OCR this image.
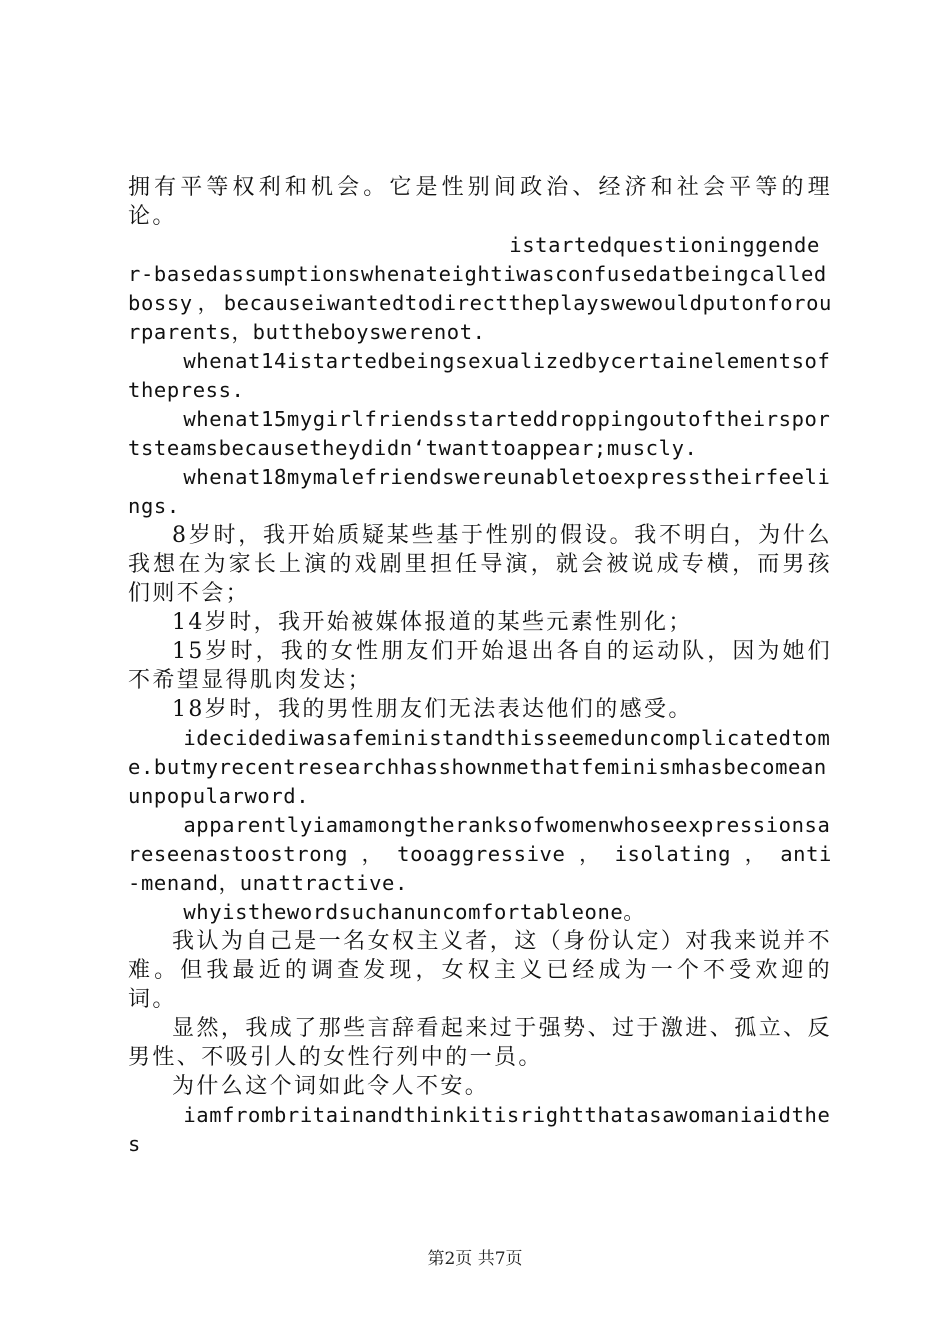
拥有平等权利和机会。它是性别间政治、经济和社会平等的理论。

istartedquestioninggender-basedassumptionswhenateightiwasconfusedatbeingcalledbossy，becauseiwantedtodirecttheplayswewouldputonforourparents，buttheboyswerenot.

whenat14istartedbeingsexualizedbycertainelementsofthepress.

whenat15mygirlfriendsstarteddroppingoutoftheirsportsteamsbecausetheydidn‘twanttoappear;muscly.

whenat18mymalefriendswereunabletoexpresstheirfeelings.

8岁时，我开始质疑某些基于性别的假设。我不明白，为什么我想在为家长上演的戏剧里担任导演，就会被说成专横，而男孩们则不会；

14岁时，我开始被媒体报道的某些元素性别化；

15岁时，我的女性朋友们开始退出各自的运动队，因为她们不希望显得肌肉发达；

18岁时，我的男性朋友们无法表达他们的感受。

idecidediwasafeministandthisseemeduncomplicatedtome.butmyrecentresearchhasshownmethatfeminismhasbecomeanunpopularword.

apparentlyiamamongtheranksofwomenwhoseexpressionsareseenastoostrong ， tooaggressive ， isolating ， anti-menand，unattractive.

whyisthewordsuchanuncomfortableone。

我认为自己是一名女权主义者，这（身份认定）对我来说并不难。但我最近的调查发现，女权主义已经成为一个不受欢迎的词。

显然，我成了那些言辞看起来过于强势、过于激进、孤立、反男性、不吸引人的女性行列中的一员。

为什么这个词如此令人不安。

iamfrombritainandthinkitisrightthatasawomaniaidthes

第2页 共7页
